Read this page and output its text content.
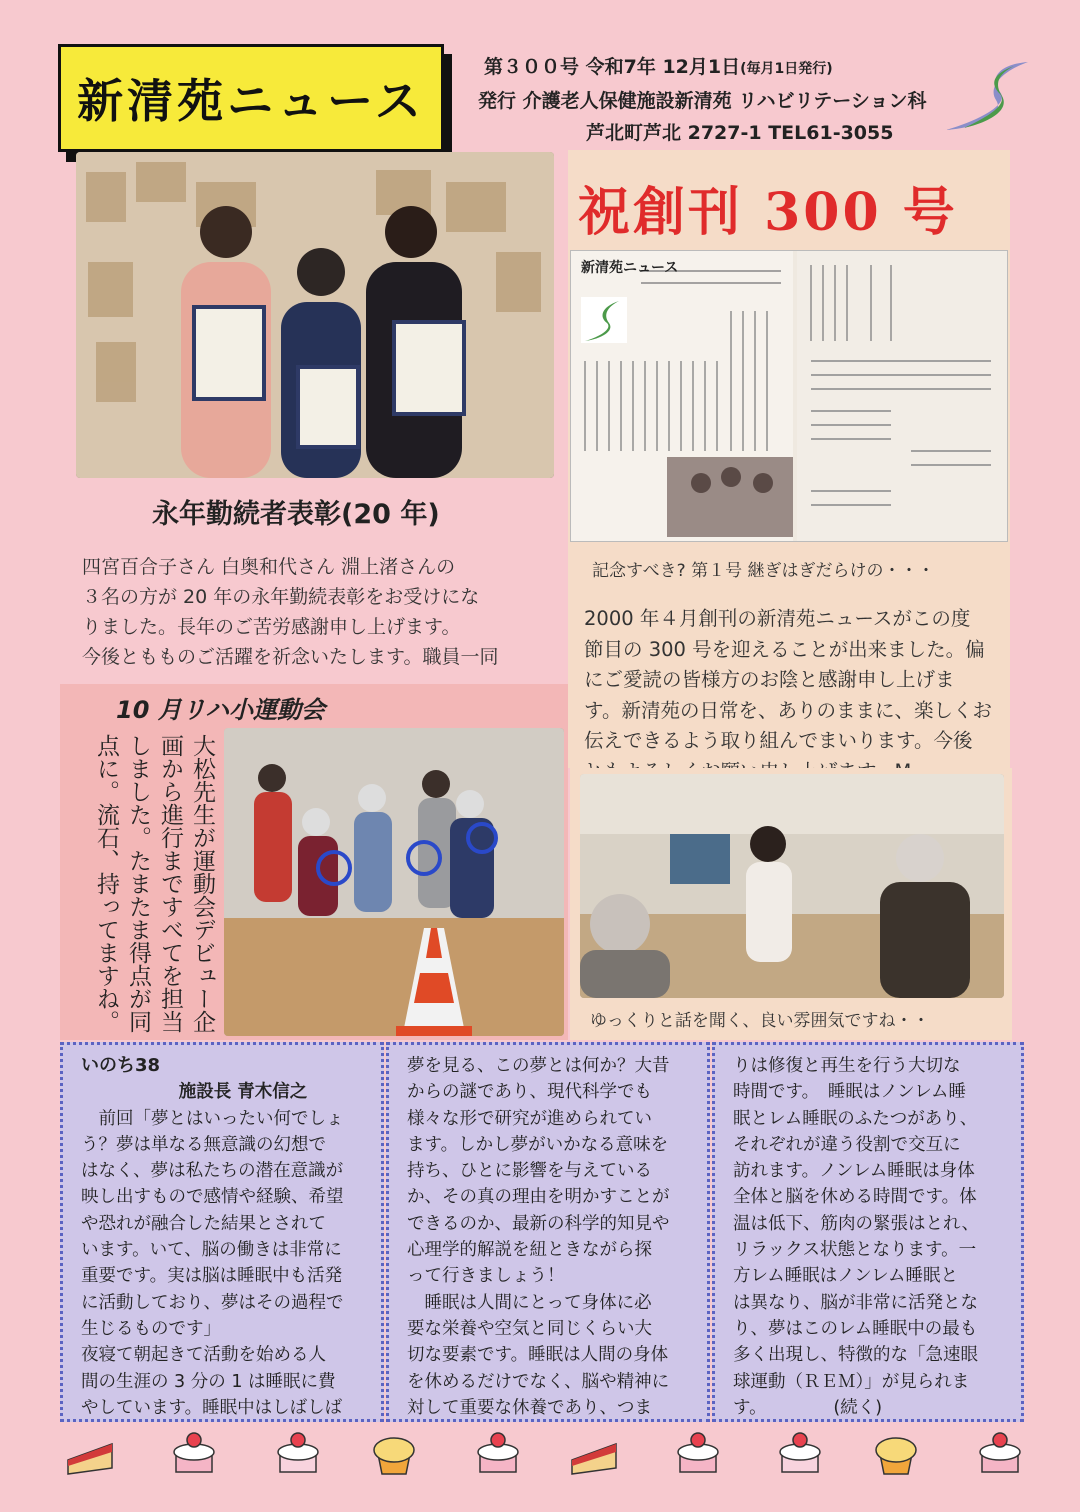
新清苑ニュース
第３００号 令和7年 12月1日(毎月1日発行)
発行 介護老人保健施設新清苑 リハビリテーション科
芦北町芦北 2727-1 TEL61-3055
永年勤続者表彰(20 年)
四宮百合子さん 白奥和代さん 淵上渚さんの
３名の方が 20 年の永年勤続表彰をお受けにな
りました。長年のご苦労感謝申し上げます。
今後ともものご活躍を祈念いたします。職員一同
祝創刊 300 号
新清苑ニュース
記念すべき? 第１号 継ぎはぎだらけの・・・
2000 年４月創刊の新清苑ニュースがこの度
節目の 300 号を迎えることが出来ました。偏
にご愛読の皆様方のお陰と感謝申し上げま
す。新清苑の日常を、ありのままに、楽しくお
伝えできるよう取り組んでまいります。今後
10 月リハ小運動会
大松先生が運動会デビュー企画から進行まですべてを担当しました。たまたま得点が同点に。流石、持ってますね。	ゆっくりと話を聞く、良い雰囲気ですね・・

いのち38

施設長 青木信之

　前回「夢とはいったい何でしょ

う？夢は単なる無意識の幻想で

はなく、夢は私たちの潜在意識が

映し出すもので感情や経験、希望

や恐れが融合した結果とされて

います。いて、脳の働きは非常に

重要です。実は脳は睡眠中も活発

に活動しており、夢はその過程で

生じるものです」

夜寝て朝起きて活動を始める人

間の生涯の 3 分の 1 は睡眠に費

やしています。睡眠中はしばしば

夢を見る、この夢とは何か？大昔

からの謎であり、現代科学でも

様々な形で研究が進められてい

ます。しかし夢がいかなる意味を

持ち、ひとに影響を与えている

か、その真の理由を明かすことが

できるのか、最新の科学的知見や

心理学的解説を紐ときながら探

って行きましょう！

　睡眠は人間にとって身体に必

要な栄養や空気と同じくらい大

切な要素です。睡眠は人間の身体

を休めるだけでなく、脳や精神に

対して重要な休養であり、つま

りは修復と再生を行う大切な

時間です。　睡眠はノンレム睡

眠とレム睡眠のふたつがあり、

それぞれが違う役割で交互に

訪れます。ノンレム睡眠は身体

全体と脳を休める時間です。体

温は低下、筋肉の緊張はとれ、

リラックス状態となります。一

方レム睡眠はノンレム睡眠と

は異なり、脳が非常に活発とな

り、夢はこのレム睡眠中の最も

多く出現し、特徴的な「急速眼

球運動（ＲＥＭ）」が見られま

す。　　　　 (続く)
